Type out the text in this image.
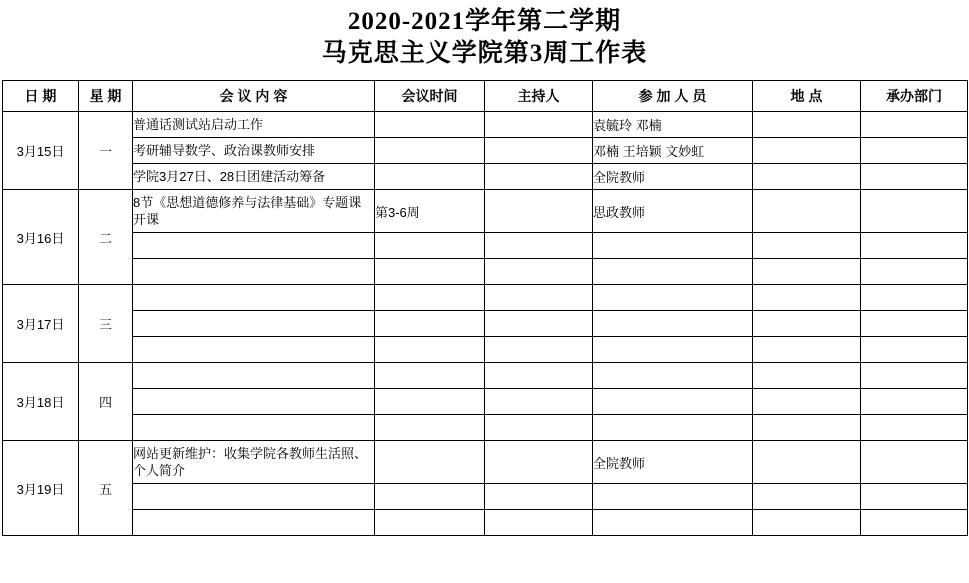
2020-2021学年第二学期
马克思主义学院第3周工作表
日 期	星 期	会 议 内 容	会议时间	主持人	参 加 人 员	地 点	承办部门
3月15日	一	普通话测试站启动工作			袁毓玲 邓楠		
		考研辅导数学、政治课教师安排			邓楠 王培颖 文妙虹		
		学院3月27日、28日团建活动筹备			全院教师		
3月16日	二	8节《思想道德修养与法律基础》专题课开课	第3-6周		思政教师		

3月17日	三						

3月18日	四						

3月19日	五	网站更新维护：收集学院各教师生活照、个人简介			全院教师		
